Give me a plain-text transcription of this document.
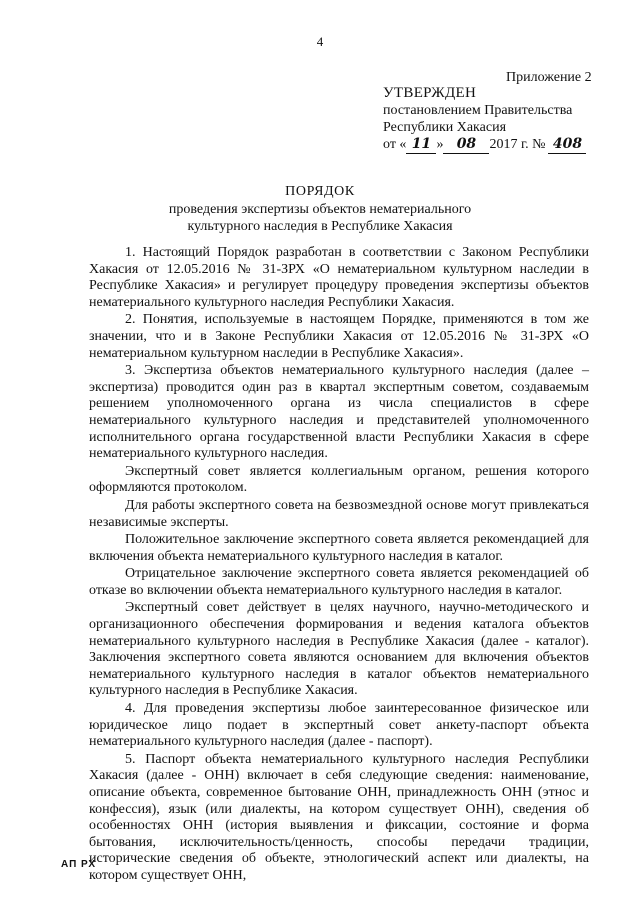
4
Приложение 2
УТВЕРЖДЕН
постановлением Правительства
Республики Хакасия
от « 11 » 08 2017 г. № 408
ПОРЯДОК
проведения экспертизы объектов нематериального
культурного наследия в Республике Хакасия

1. Настоящий Порядок разработан в соответствии с Законом Республики Хакасия от 12.05.2016 № 31-ЗРХ «О нематериальном культурном наследии в Республике Хакасия» и регулирует процедуру проведения экспертизы объектов нематериального культурного наследия Республики Хакасия.

2. Понятия, используемые в настоящем Порядке, применяются в том же значении, что и в Законе Республики Хакасия от 12.05.2016 № 31-ЗРХ «О нематериальном культурном наследии в Республике Хакасия».

3. Экспертиза объектов нематериального культурного наследия (далее – экспертиза) проводится один раз в квартал экспертным советом, создаваемым решением уполномоченного органа из числа специалистов в сфере нематериального культурного наследия и представителей уполномоченного исполнительного органа государственной власти Республики Хакасия в сфере нематериального культурного наследия.

Экспертный совет является коллегиальным органом, решения которого оформляются протоколом.

Для работы экспертного совета на безвозмездной основе могут привлекаться независимые эксперты.

Положительное заключение экспертного совета является рекомендацией для включения объекта нематериального культурного наследия в каталог.

Отрицательное заключение экспертного совета является рекомендацией об отказе во включении объекта нематериального культурного наследия в каталог.

Экспертный совет действует в целях научного, научно-методического и организационного обеспечения формирования и ведения каталога объектов нематериального культурного наследия в Республике Хакасия (далее - каталог). Заключения экспертного совета являются основанием для включения объектов нематериального культурного наследия в каталог объектов нематериального культурного наследия в Республике Хакасия.

4. Для проведения экспертизы любое заинтересованное физическое или юридическое лицо подает в экспертный совет анкету-паспорт объекта нематериального культурного наследия (далее - паспорт).

5. Паспорт объекта нематериального культурного наследия Республики Хакасия (далее - ОНН) включает в себя следующие сведения: наименование, описание объекта, современное бытование ОНН, принадлежность ОНН (этнос и конфессия), язык (или диалекты, на котором существует ОНН), сведения об особенностях ОНН (история выявления и фиксации, состояние и форма бытования, исключительность/ценность, способы передачи традиции, исторические сведения об объекте, этнологический аспект или диалекты, на котором существует ОНН,

АП РХ
